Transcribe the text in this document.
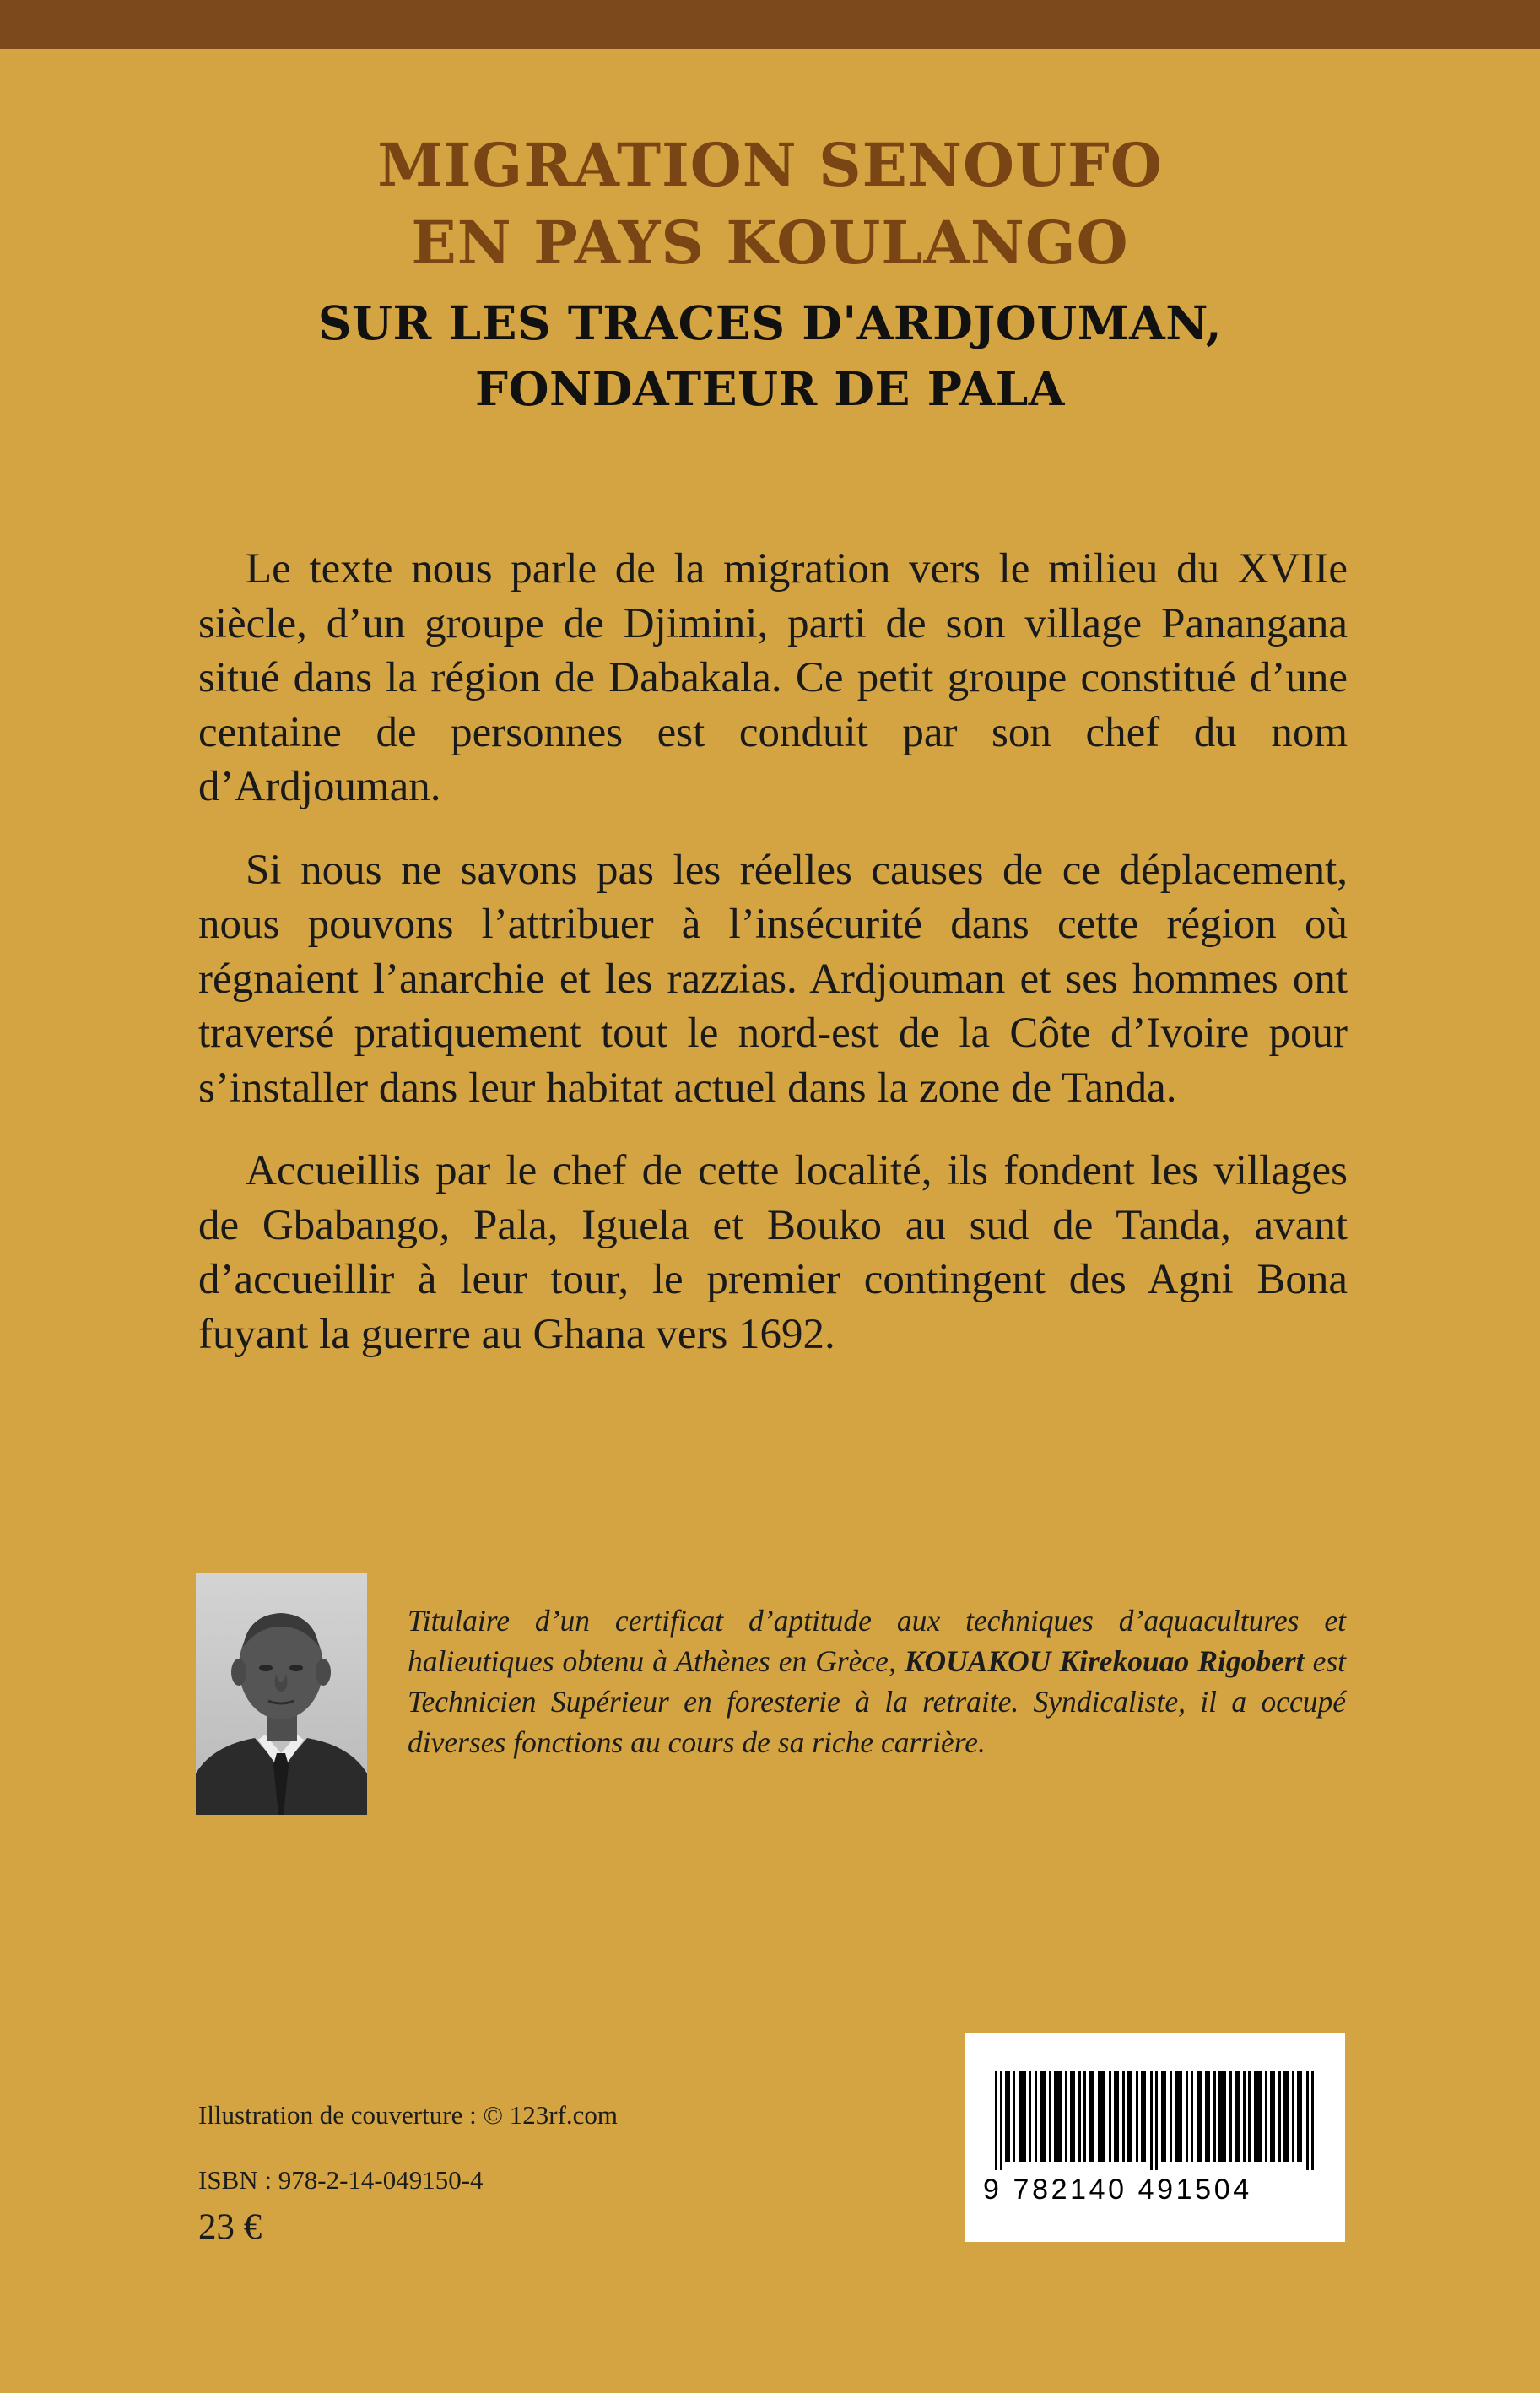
MIGRATION SENOUFO

EN PAYS KOULANGO

SUR LES TRACES D'ARDJOUMAN,

FONDATEUR DE PALA

Le texte nous parle de la migration vers le milieu du XVIIe siècle, d’un groupe de Djimini, parti de son village Panangana situé dans la région de Dabakala. Ce petit groupe constitué d’une centaine de personnes est conduit par son chef du nom d’Ardjouman.

Si nous ne savons pas les réelles causes de ce déplacement, nous pouvons l’attribuer à l’insécurité dans cette région où régnaient l’anarchie et les razzias. Ardjouman et ses hommes ont traversé pratiquement tout le nord-est de la Côte d’Ivoire pour s’installer dans leur habitat actuel dans la zone de Tanda.

Accueillis par le chef de cette localité, ils fondent les villages de Gbabango, Pala, Iguela et Bouko au sud de Tanda, avant d’accueillir à leur tour, le premier contingent des Agni Bona fuyant la guerre au Ghana vers 1692.

Titulaire d’un certificat d’aptitude aux techniques d’aquacultures et halieutiques obtenu à Athènes en Grèce, KOUAKOU Kirekouao Rigobert est Technicien Supérieur en foresterie à la retraite. Syndicaliste, il a occupé diverses fonctions au cours de sa riche carrière.

Illustration de couverture : © 123rf.com

ISBN : 978-2-14-049150-4

23 €

9 782140 491504
